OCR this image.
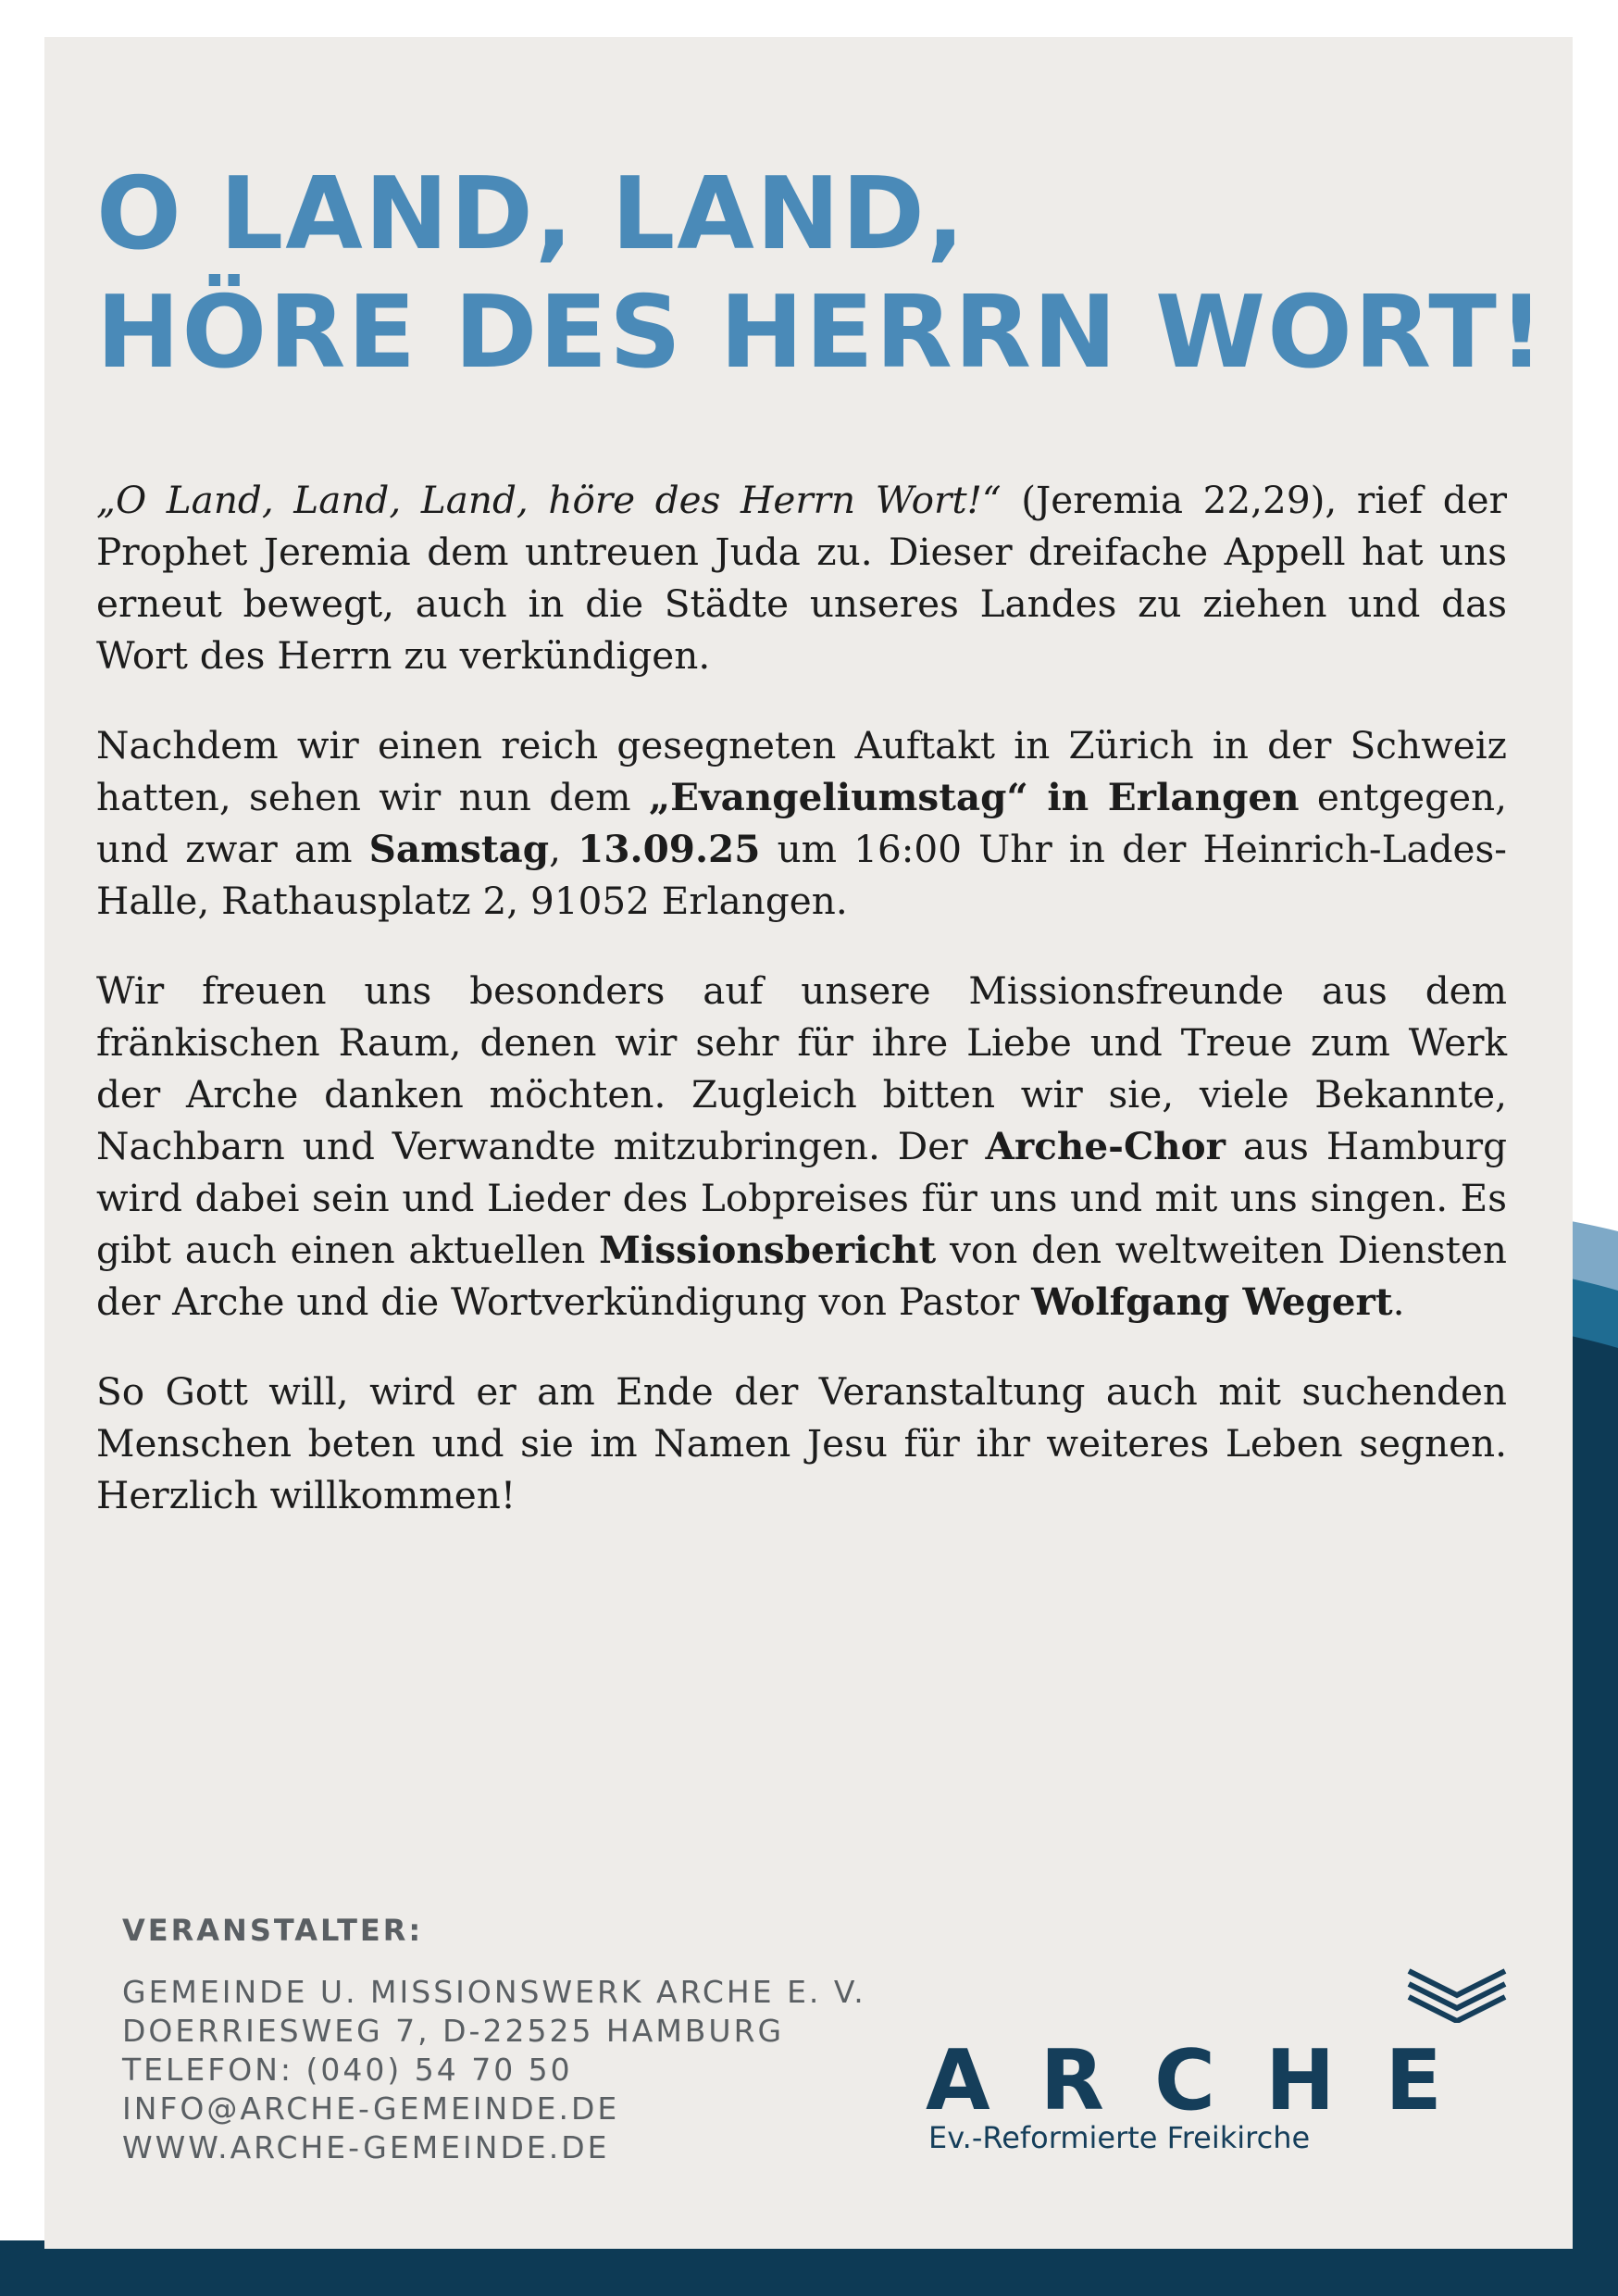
O LAND, LAND,
HÖRE DES HERRN WORT!

„O Land, Land, Land, höre des Herrn Wort!“ (Jeremia 22,29), rief der Prophet Jeremia dem untreuen Juda zu. Dieser dreifache Appell hat uns erneut bewegt, auch in die Städte unseres Landes zu ziehen und das Wort des Herrn zu verkündigen.

Nachdem wir einen reich gesegneten Auftakt in Zürich in der Schweiz hatten, sehen wir nun dem „Evangeliumstag“ in Erlangen entgegen, und zwar am Samstag, 13.09.25 um 16:00 Uhr in der Heinrich-Lades-Halle, Rathausplatz 2, 91052 Erlangen.

Wir freuen uns besonders auf unsere Missionsfreunde aus dem fränkischen Raum, denen wir sehr für ihre Liebe und Treue zum Werk der Arche danken möchten. Zugleich bitten wir sie, viele Bekannte, Nachbarn und Verwandte mitzubringen. Der Arche-Chor aus Hamburg wird dabei sein und Lieder des Lobpreises für uns und mit uns singen. Es gibt auch einen aktuellen Missionsbericht von den weltweiten Diensten der Arche und die Wortverkündigung von Pastor Wolfgang Wegert.

So Gott will, wird er am Ende der Veranstaltung auch mit suchenden Menschen beten und sie im Namen Jesu für ihr weiteres Leben segnen. Herzlich willkommen!

VERANSTALTER:
GEMEINDE U. MISSIONSWERK ARCHE E. V.
DOERRIESWEG 7, D-22525 HAMBURG
TELEFON: (040) 54 70 50
INFO@ARCHE-GEMEINDE.DE
WWW.ARCHE-GEMEINDE.DE
ARCHE
Ev.-Reformierte Freikirche
